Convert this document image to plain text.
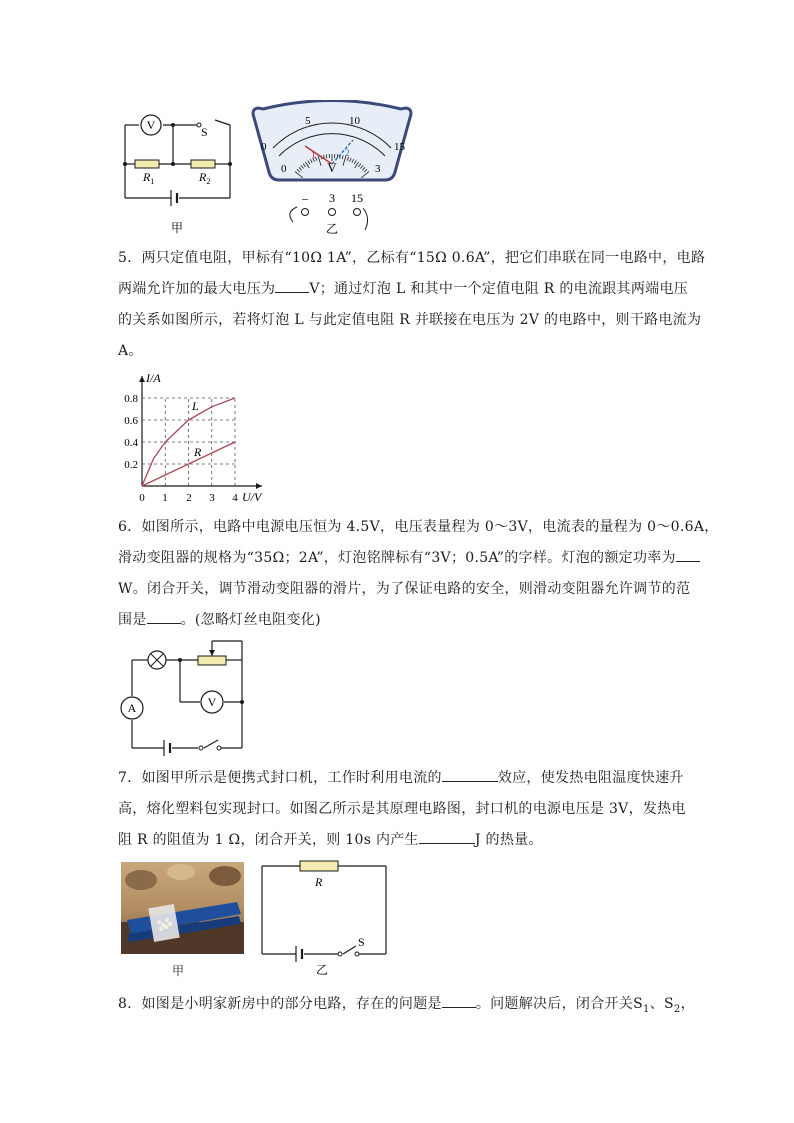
V	S
$R_1$	$R_2$
甲
0
5	10
15
0
1	2
3
V
– 3 15
乙
5．两只定值电阻，甲标有“10Ω 1A”，乙标有“15Ω 0.6A”，把它们串联在同一电路中，电路
两端允许加的最大电压为 V；通过灯泡 L 和其中一个定值电阻 R 的电流跟其两端电压
的关系如图所示，若将灯泡 L 与此定值电阻 R 并联接在电压为 2V 的电路中，则干路电流为
A。
I/A
U/V
0.8
0.6
0.4
0.2
0 1 2 3 4
L
R
6．如图所示，电路中电源电压恒为 4.5V，电压表量程为 0～3V，电流表的量程为 0～0.6A，
滑动变阻器的规格为“35Ω；2A”，灯泡铭牌标有“3V；0.5A”的字样。灯泡的额定功率为
W。闭合开关，调节滑动变阻器的滑片，为了保证电路的安全，则滑动变阻器允许调节的范
围是 。(忽略灯丝电阻变化)
A	V
7．如图甲所示是便携式封口机，工作时利用电流的	效应，使发热电阻温度快速升
高，熔化塑料包实现封口。如图乙所示是其原理电路图，封口机的电源电压是 3V，发热电
阻 R 的阻值为 1 Ω，闭合开关，则 10s 内产生	J 的热量。
甲
R
S
乙
8．如图是小明家新房中的部分电路，存在的问题是 。问题解决后，闭合开关$S_1$、$S_2$，
